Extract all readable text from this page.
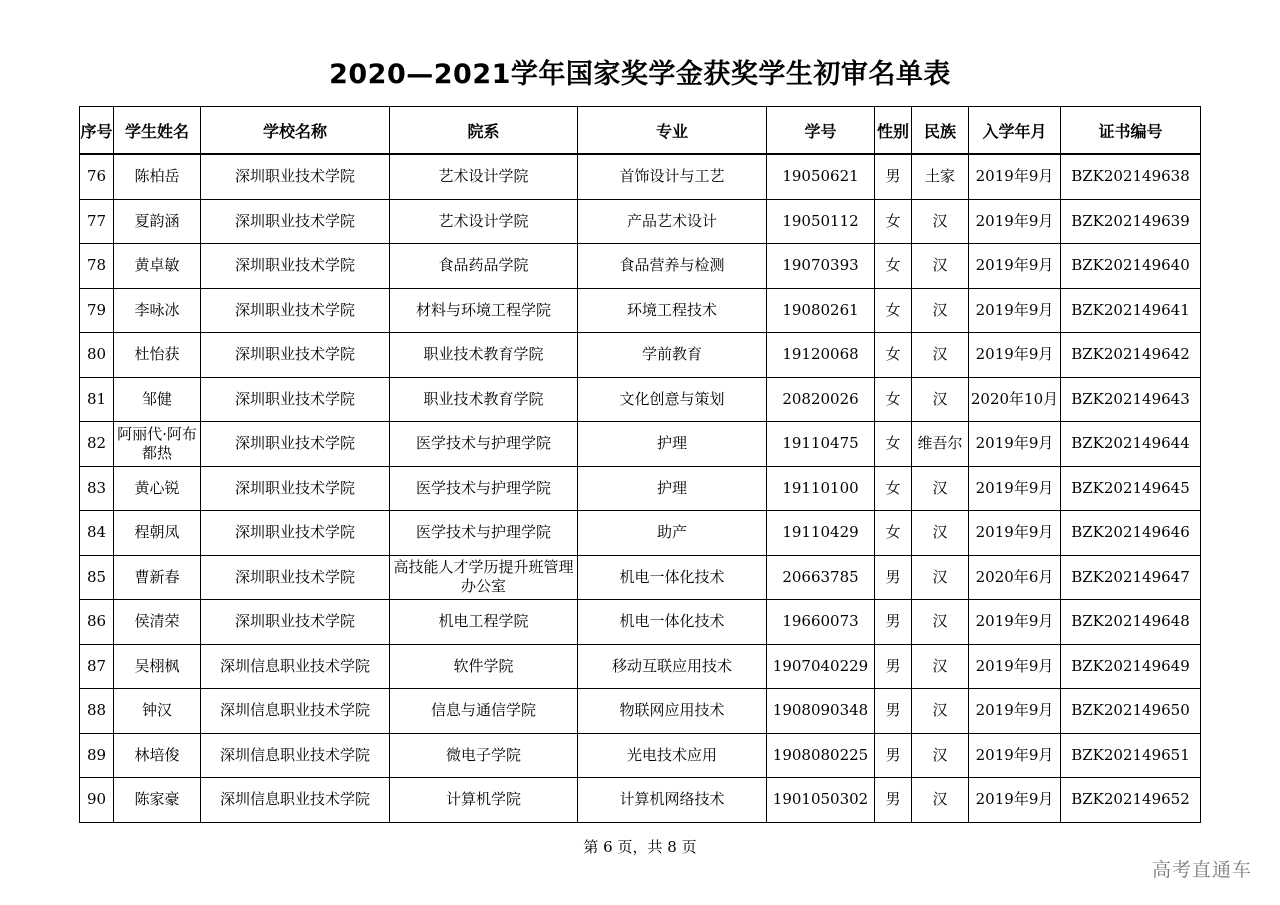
2020—2021学年国家奖学金获奖学生初审名单表
序号	学生姓名	学校名称	院系	专业	学号	性别	民族	入学年月	证书编号
76	陈柏岳	深圳职业技术学院	艺术设计学院	首饰设计与工艺	19050621	男	土家	2019年9月	BZK202149638
77	夏韵涵	深圳职业技术学院	艺术设计学院	产品艺术设计	19050112	女	汉	2019年9月	BZK202149639
78	黄卓敏	深圳职业技术学院	食品药品学院	食品营养与检测	19070393	女	汉	2019年9月	BZK202149640
79	李咏冰	深圳职业技术学院	材料与环境工程学院	环境工程技术	19080261	女	汉	2019年9月	BZK202149641
80	杜怡获	深圳职业技术学院	职业技术教育学院	学前教育	19120068	女	汉	2019年9月	BZK202149642
81	邹健	深圳职业技术学院	职业技术教育学院	文化创意与策划	20820026	女	汉	2020年10月	BZK202149643
82	阿丽代·阿布都热	深圳职业技术学院	医学技术与护理学院	护理	19110475	女	维吾尔	2019年9月	BZK202149644
83	黄心锐	深圳职业技术学院	医学技术与护理学院	护理	19110100	女	汉	2019年9月	BZK202149645
84	程朝凤	深圳职业技术学院	医学技术与护理学院	助产	19110429	女	汉	2019年9月	BZK202149646
85	曹新春	深圳职业技术学院	高技能人才学历提升班管理办公室	机电一体化技术	20663785	男	汉	2020年6月	BZK202149647
86	侯清荣	深圳职业技术学院	机电工程学院	机电一体化技术	19660073	男	汉	2019年9月	BZK202149648
87	吴栩枫	深圳信息职业技术学院	软件学院	移动互联应用技术	1907040229	男	汉	2019年9月	BZK202149649
88	钟汉	深圳信息职业技术学院	信息与通信学院	物联网应用技术	1908090348	男	汉	2019年9月	BZK202149650
89	林培俊	深圳信息职业技术学院	微电子学院	光电技术应用	1908080225	男	汉	2019年9月	BZK202149651
90	陈家豪	深圳信息职业技术学院	计算机学院	计算机网络技术	1901050302	男	汉	2019年9月	BZK202149652
第 6 页，共 8 页
高考直通车
